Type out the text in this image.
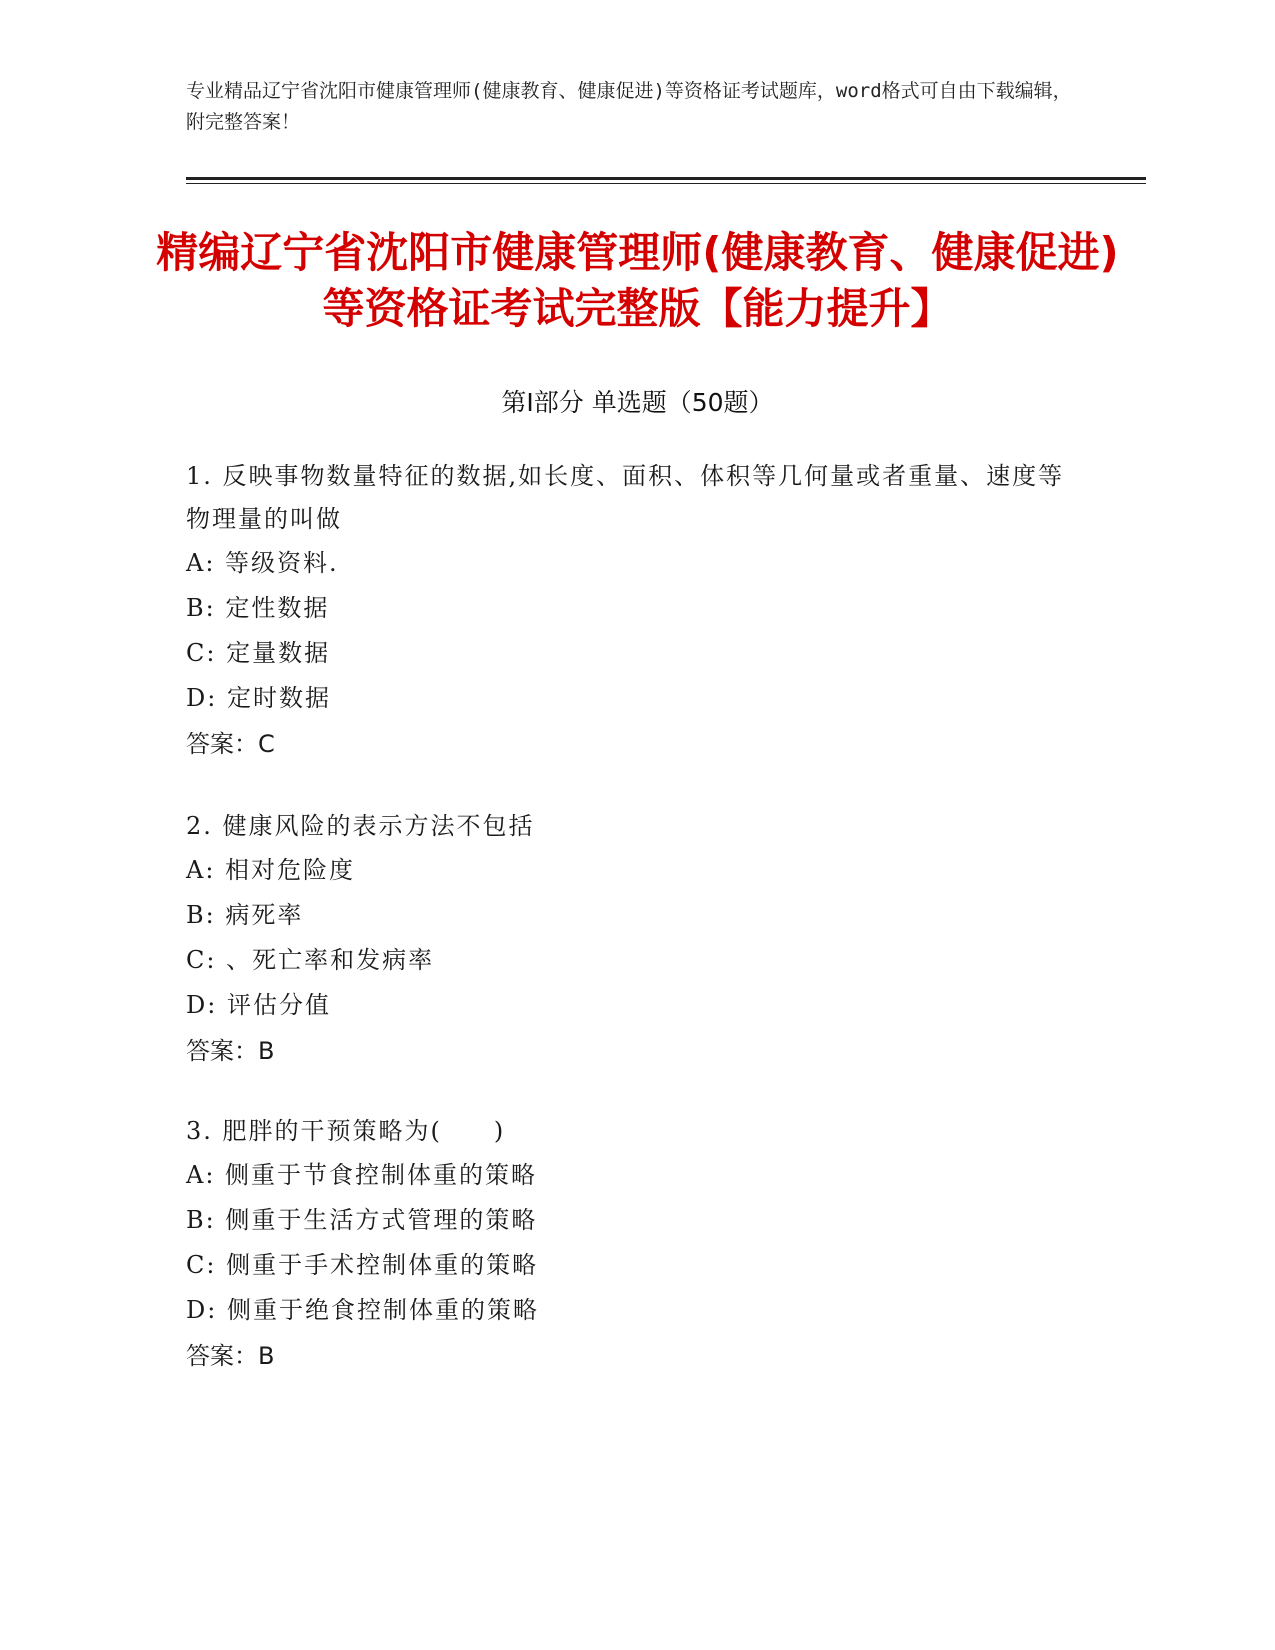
专业精品辽宁省沈阳市健康管理师(健康教育、健康促进)等资格证考试题库，word格式可自由下载编辑，附完整答案！
精编辽宁省沈阳市健康管理师(健康教育、健康促进)等资格证考试完整版【能力提升】
第Ⅰ部分 单选题（50题）
1. 反映事物数量特征的数据,如长度、面积、体积等几何量或者重量、速度等物理量的叫做
A: 等级资料.
B: 定性数据
C: 定量数据
D: 定时数据
答案：C
2. 健康风险的表示方法不包括
A: 相对危险度
B: 病死率
C: 、死亡率和发病率
D: 评估分值
答案：B
3. 肥胖的干预策略为(　　)
A: 侧重于节食控制体重的策略
B: 侧重于生活方式管理的策略
C: 侧重于手术控制体重的策略
D: 侧重于绝食控制体重的策略
答案：B
